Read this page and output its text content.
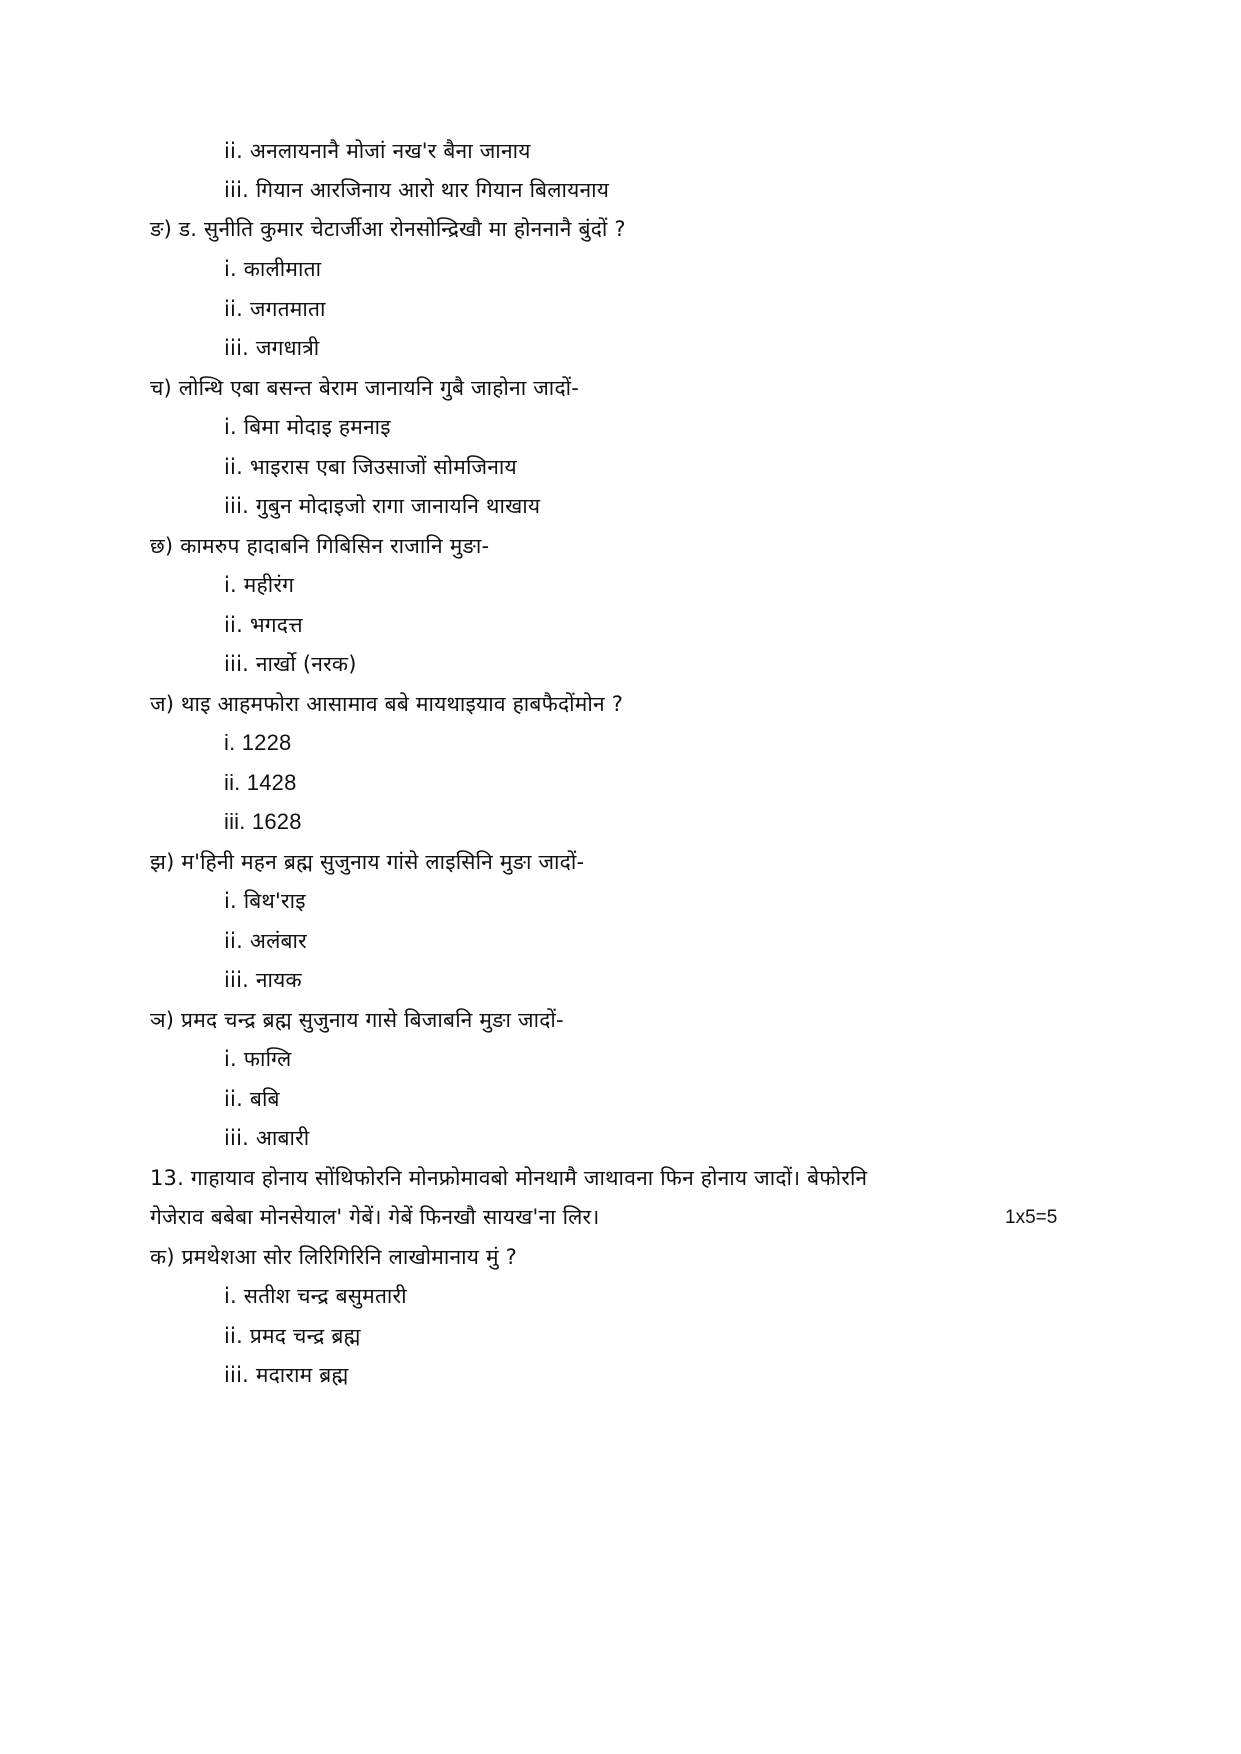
ii. अनलायनानै मोजां नख'र बैना जानाय
iii. गियान आरजिनाय आरो थार गियान बिलायनाय
ङ) ड. सुनीति कुमार चेटार्जीआ रोनसोन्द्रिखौ मा होननानै बुंदों ?
i. कालीमाता
ii. जगतमाता
iii. जगधात्री
च) लोन्थि एबा बसन्त बेराम जानायनि गुबै जाहोना जादों-
i. बिमा मोदाइ हमनाइ
ii. भाइरास एबा जिउसाजों सोमजिनाय
iii. गुबुन मोदाइजो रागा जानायनि थाखाय
छ) कामरुप हादाबनि गिबिसिन राजानि मुङा-
i. महीरंग
ii. भगदत्त
iii. नार्खो (नरक)
ज) थाइ आहमफोरा आसामाव बबे मायथाइयाव हाबफैदोंमोन ?
i. 1228
ii. 1428
iii. 1628
झ) म'हिनी महन ब्रह्म सुजुनाय गांसे लाइसिनि मुङा जादों-
i. बिथ'राइ
ii. अलंबार
iii. नायक
ञ) प्रमद चन्द्र ब्रह्म सुजुनाय गासे बिजाबनि मुङा जादों-
i. फाग्लि
ii. बबि
iii. आबारी
13. गाहायाव होनाय सोंथिफोरनि मोनफ्रोमावबो मोनथामै जाथावना फिन होनाय जादों। बेफोरनि
गेजेराव बबेबा मोनसेयाल' गेबें। गेबें फिनखौ सायख'ना लिर।	1x5=5
क) प्रमथेशआ सोर लिरिगिरिनि लाखोमानाय मुं ?
i. सतीश चन्द्र बसुमतारी
ii. प्रमद चन्द्र ब्रह्म
iii. मदाराम ब्रह्म
